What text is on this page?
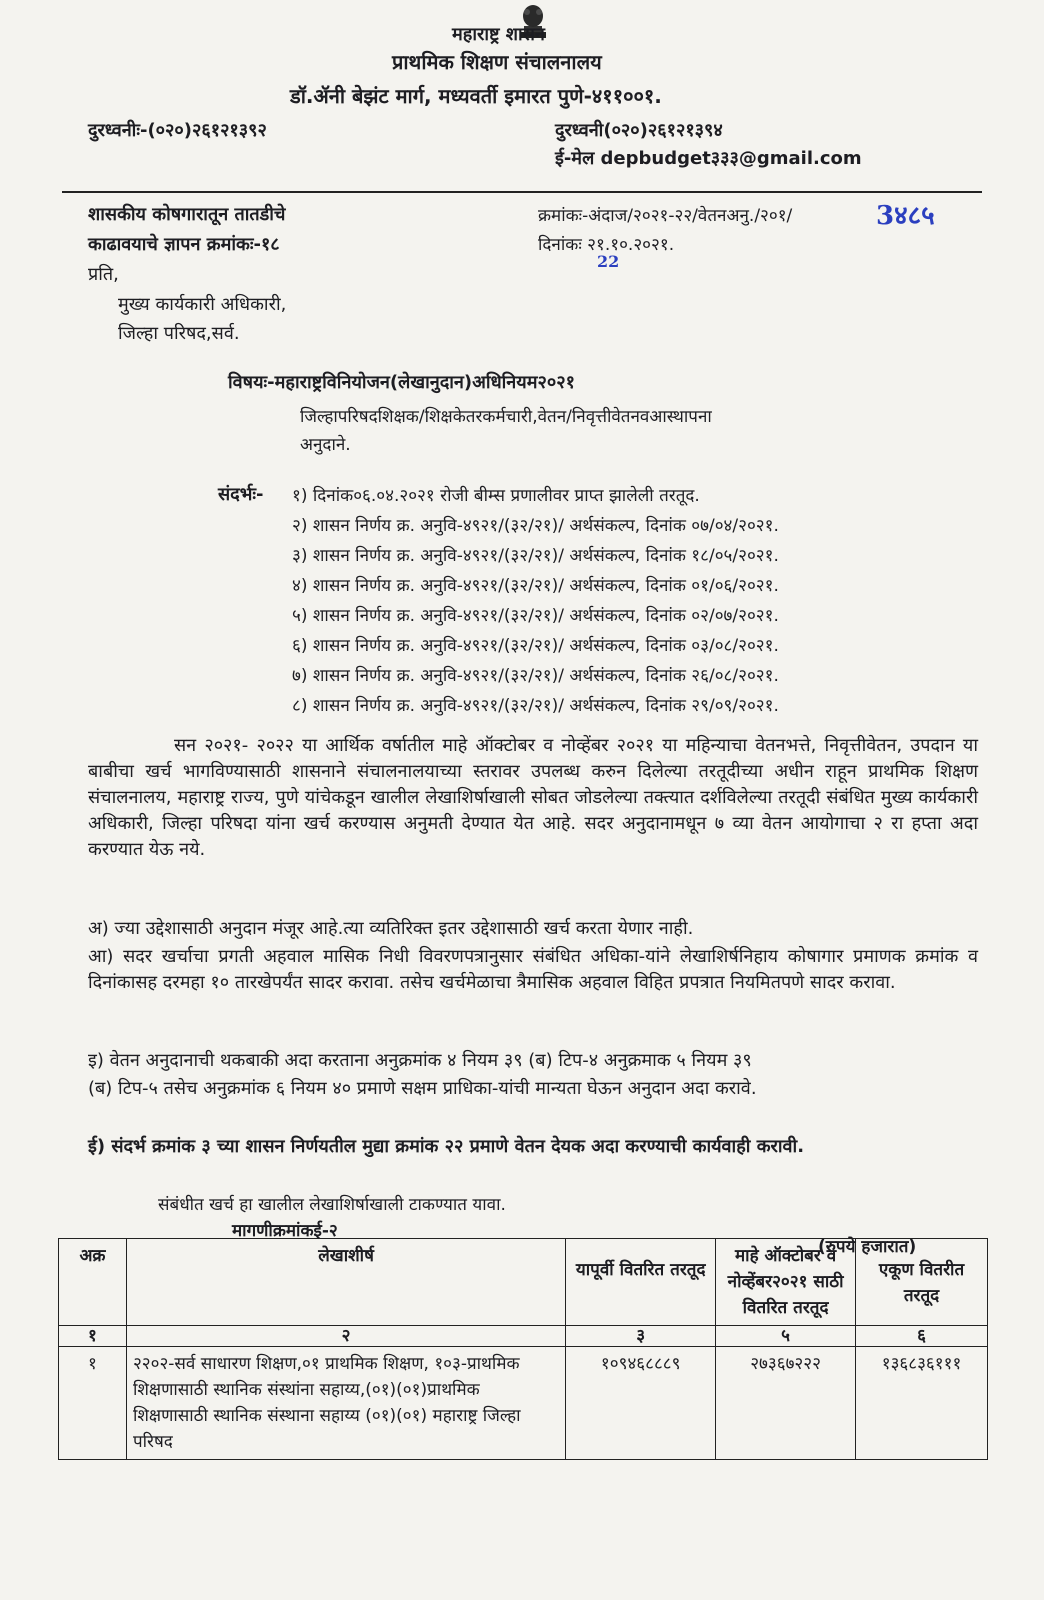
महाराष्ट्र शासन
प्राथमिक शिक्षण संचालनालय
डॉ.ॲनी बेझंट मार्ग, मध्यवर्ती इमारत पुणे-४११००१.
दुरध्वनीः-(०२०)२६१२१३९२	दुरध्वनी(०२०)२६१२१३९४
ई-मेल depbudget३३३@gmail.com
शासकीय कोषगारातून तातडीचे
काढावयाचे ज्ञापन क्रमांकः-१८
क्रमांकः-अंदाज/२०२१-२२/वेतनअनु./२०१/	3४८५
दिनांकः २१.१०.२०२१.
22
प्रति,
मुख्य कार्यकारी अधिकारी,
जिल्हा परिषद,सर्व.
विषयः-महाराष्ट्रविनियोजन(लेखानुदान)अधिनियम२०२१
जिल्हापरिषदशिक्षक/शिक्षकेतरकर्मचारी,वेतन/निवृत्तीवेतनवआस्थापना
अनुदाने.
संदर्भः- १) दिनांक०६.०४.२०२१ रोजी बीम्स प्रणालीवर प्राप्त झालेली तरतूद.
२) शासन निर्णय क्र. अनुवि-४९२१/(३२/२१)/ अर्थसंकल्प, दिनांक ०७/०४/२०२१.
३) शासन निर्णय क्र. अनुवि-४९२१/(३२/२१)/ अर्थसंकल्प, दिनांक १८/०५/२०२१.
४) शासन निर्णय क्र. अनुवि-४९२१/(३२/२१)/ अर्थसंकल्प, दिनांक ०१/०६/२०२१.
५) शासन निर्णय क्र. अनुवि-४९२१/(३२/२१)/ अर्थसंकल्प, दिनांक ०२/०७/२०२१.
६) शासन निर्णय क्र. अनुवि-४९२१/(३२/२१)/ अर्थसंकल्प, दिनांक ०३/०८/२०२१.
७) शासन निर्णय क्र. अनुवि-४९२१/(३२/२१)/ अर्थसंकल्प, दिनांक २६/०८/२०२१.
८) शासन निर्णय क्र. अनुवि-४९२१/(३२/२१)/ अर्थसंकल्प, दिनांक २९/०९/२०२१.
सन २०२१- २०२२ या आर्थिक वर्षातील माहे ऑक्टोबर व नोव्हेंबर २०२१ या महिन्याचा वेतनभत्ते, निवृत्तीवेतन, उपदान या बाबीचा खर्च भागविण्यासाठी शासनाने संचालनालयाच्या स्तरावर उपलब्ध करुन दिलेल्या तरतूदीच्या अधीन राहून प्राथमिक शिक्षण संचालनालय, महाराष्ट्र राज्य, पुणे यांचेकडून खालील लेखाशिर्षाखाली सोबत जोडलेल्या तक्त्यात दर्शविलेल्या तरतूदी संबंधित मुख्य कार्यकारी अधिकारी, जिल्हा परिषदा यांना खर्च करण्यास अनुमती देण्यात येत आहे. सदर अनुदानामधून ७ व्या वेतन आयोगाचा २ रा हप्ता अदा करण्यात येऊ नये.
अ) ज्या उद्देशासाठी अनुदान मंजूर आहे.त्या व्यतिरिक्त इतर उद्देशासाठी खर्च करता येणार नाही.
आ) सदर खर्चाचा प्रगती अहवाल मासिक निधी विवरणपत्रानुसार संबंधित अधिका-यांने लेखाशिर्षनिहाय कोषागार प्रमाणक क्रमांक व दिनांकासह दरमहा १० तारखेपर्यंत सादर करावा. तसेच खर्चमेळाचा त्रैमासिक अहवाल विहित प्रपत्रात नियमितपणे सादर करावा.
इ) वेतन अनुदानाची थकबाकी अदा करताना अनुक्रमांक ४ नियम ३९ (ब) टिप-४ अनुक्रमाक ५ नियम ३९
(ब) टिप-५ तसेच अनुक्रमांक ६ नियम ४० प्रमाणे सक्षम प्राधिका-यांची मान्यता घेऊन अनुदान अदा करावे.
ई) संदर्भ क्रमांक ३ च्या शासन निर्णयतील मुद्या क्रमांक २२ प्रमाणे वेतन देयक अदा करण्याची कार्यवाही करावी.
संबंधीत खर्च हा खालील लेखाशिर्षाखाली टाकण्यात यावा.
मागणीक्रमांकई-२
(रुपये हजारात)
अक्र	लेखाशीर्ष	यापूर्वी वितरित तरतूद	माहे ऑक्टोबर व नोव्हेंबर२०२१ साठी वितरित तरतूद	एकूण वितरीत तरतूद
१	२	३	५	६
१	२२०२-सर्व साधारण शिक्षण,०१ प्राथमिक शिक्षण, १०३-प्राथमिक शिक्षणासाठी स्थानिक संस्थांना सहाय्य,(०१)(०१)प्राथमिक शिक्षणासाठी स्थानिक संस्थाना सहाय्य (०१)(०१) महाराष्ट्र जिल्हा परिषद	१०९४६८८८९	२७३६७२२२	१३६८३६१११
